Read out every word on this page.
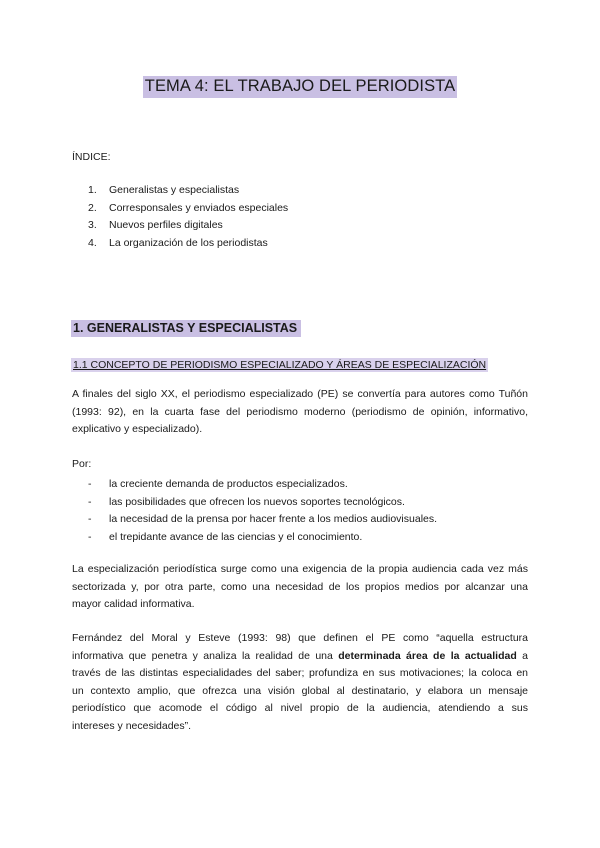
TEMA 4: EL TRABAJO DEL PERIODISTA
ÍNDICE:
1. Generalistas y especialistas
2. Corresponsales y enviados especiales
3. Nuevos perfiles digitales
4. La organización de los periodistas
1. GENERALISTAS Y ESPECIALISTAS
1.1 CONCEPTO DE PERIODISMO ESPECIALIZADO Y ÁREAS DE ESPECIALIZACIÓN

A finales del siglo XX, el periodismo especializado (PE) se convertía para autores como Tuñón
(1993: 92), en la cuarta fase del periodismo moderno (periodismo de opinión, informativo,
explicativo y especializado).

Por:
- la creciente demanda de productos especializados.
- las posibilidades que ofrecen los nuevos soportes tecnológicos.
- la necesidad de la prensa por hacer frente a los medios audiovisuales.
- el trepidante avance de las ciencias y el conocimiento.

La especialización periodística surge como una exigencia de la propia audiencia cada vez más
sectorizada y, por otra parte, como una necesidad de los propios medios por alcanzar una
mayor calidad informativa.

Fernández del Moral y Esteve (1993: 98) que definen el PE como “aquella estructura
informativa que penetra y analiza la realidad de una determinada área de la actualidad a
través de las distintas especialidades del saber; profundiza en sus motivaciones; la coloca en
un contexto amplio, que ofrezca una visión global al destinatario, y elabora un mensaje
periodístico que acomode el código al nivel propio de la audiencia, atendiendo a sus
intereses y necesidades”.
